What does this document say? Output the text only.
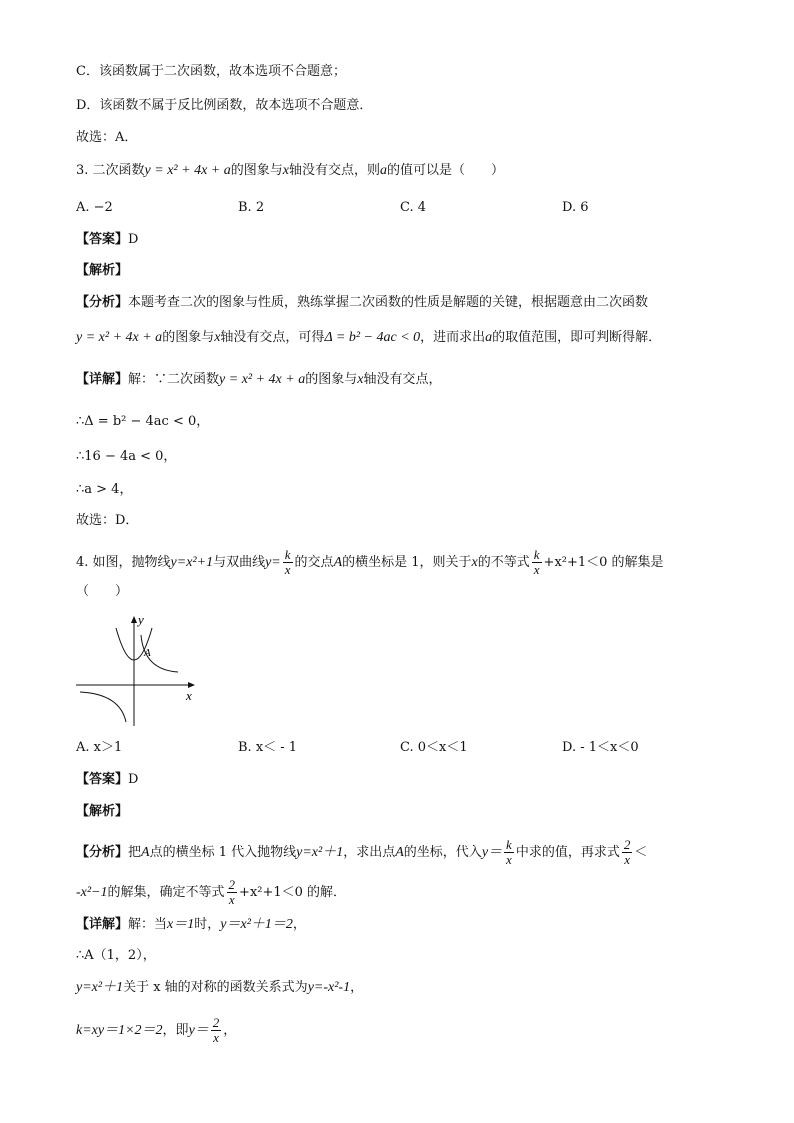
C．该函数属于二次函数，故本选项不合题意；
D．该函数不属于反比例函数，故本选项不合题意．
故选：A．
3. 二次函数y = x² + 4x + a的图象与x轴没有交点，则a的值可以是（　　）
A. −2	B. 2	C. 4	D. 6
【答案】D
【解析】
【分析】本题考查二次的图象与性质，熟练掌握二次函数的性质是解题的关键，根据题意由二次函数
y = x² + 4x + a的图象与x轴没有交点，可得Δ = b² − 4ac < 0，进而求出a的取值范围，即可判断得解．
【详解】解：∵二次函数y = x² + 4x + a的图象与x轴没有交点，
∴Δ = b² − 4ac < 0，
∴16 − 4a < 0，
∴a > 4，
故选：D．
4. 如图，抛物线y=x²+1与双曲线$y= \frac{k}{x}$ 的交点A的横坐标是 1，则关于x的不等式 $\frac{k}{x} +x^2+1<0$ 的解集是
（　　）
A
x
y
A. x＞1	B. x＜ - 1	C. 0＜x＜1	D. - 1＜x＜0
【答案】D
【解析】
【分析】把A点的横坐标 1 代入抛物线y=x²＋1，求出点A的坐标，代入$y= \frac{k}{x}$ 中求的值，再求式 $\frac{2}{x}$ ＜
-x²−1的解集，确定不等式 $\frac{2}{x} +x^2+1<0$ 的解．
【详解】解：当x＝1时，y＝x²＋1＝2，
∴A（1，2），
y=x²＋1关于 x 轴的对称的函数关系式为y=-x²-1，
k=xy＝1×2＝2，即$y= \frac{2}{x}$ ，
